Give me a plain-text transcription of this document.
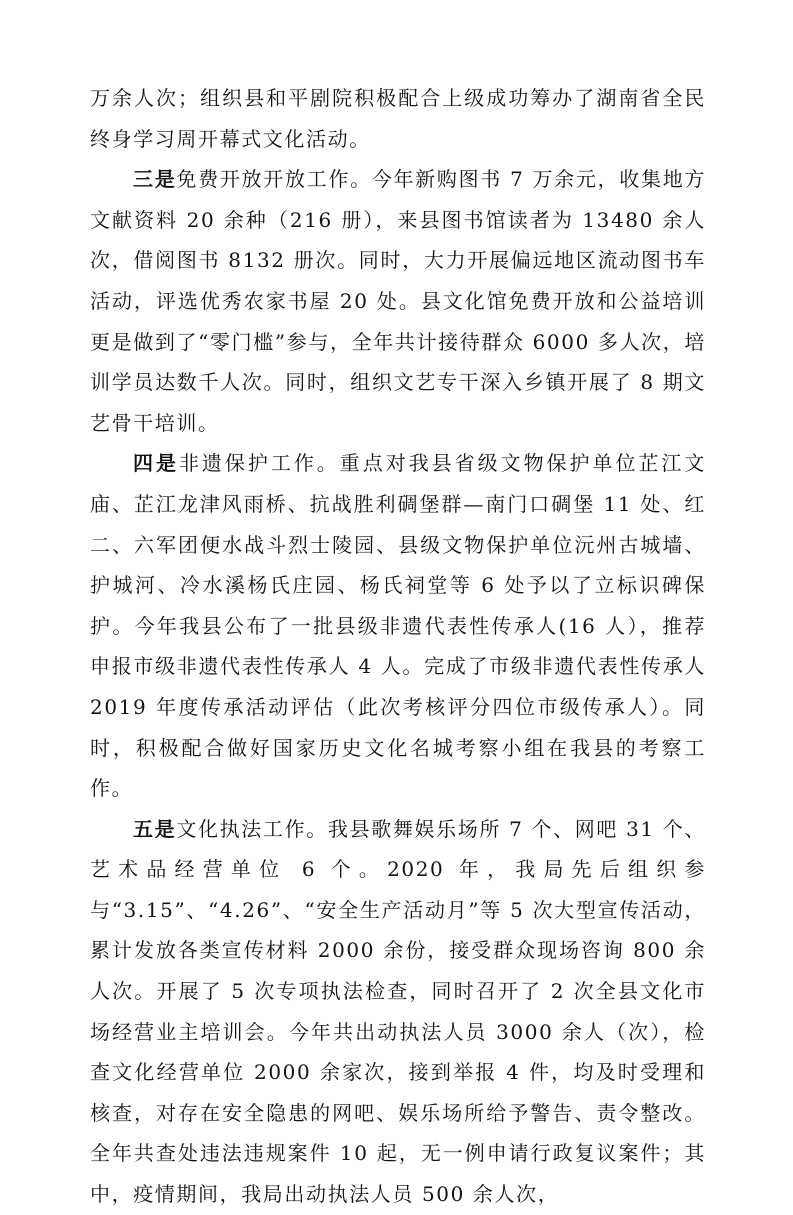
万余人次；组织县和平剧院积极配合上级成功筹办了湖南省全民终身学习周开幕式文化活动。

三是免费开放开放工作。今年新购图书 7 万余元，收集地方文献资料 20 余种（216 册），来县图书馆读者为 13480 余人次，借阅图书 8132 册次。同时，大力开展偏远地区流动图书车活动，评选优秀农家书屋 20 处。县文化馆免费开放和公益培训更是做到了“零门槛”参与，全年共计接待群众 6000 多人次，培训学员达数千人次。同时，组织文艺专干深入乡镇开展了 8 期文艺骨干培训。

四是非遗保护工作。重点对我县省级文物保护单位芷江文庙、芷江龙津风雨桥、抗战胜利碉堡群—南门口碉堡 11 处、红二、六军团便水战斗烈士陵园、县级文物保护单位沅州古城墙、护城河、冷水溪杨氏庄园、杨氏祠堂等 6 处予以了立标识碑保护。今年我县公布了一批县级非遗代表性传承人(16 人），推荐申报市级非遗代表性传承人 4 人。完成了市级非遗代表性传承人 2019 年度传承活动评估（此次考核评分四位市级传承人）。同时，积极配合做好国家历史文化名城考察小组在我县的考察工作。

五是文化执法工作。我县歌舞娱乐场所 7 个、网吧 31 个、艺术品经营单位 6 个。2020 年，我局先后组织参与“3.15”、“4.26”、“安全生产活动月”等 5 次大型宣传活动，累计发放各类宣传材料 2000 余份，接受群众现场咨询 800 余人次。开展了 5 次专项执法检查，同时召开了 2 次全县文化市场经营业主培训会。今年共出动执法人员 3000 余人（次），检查文化经营单位 2000 余家次，接到举报 4 件，均及时受理和核查，对存在安全隐患的网吧、娱乐场所给予警告、责令整改。全年共查处违法违规案件 10 起，无一例申请行政复议案件；其中，疫情期间，我局出动执法人员 500 余人次，
